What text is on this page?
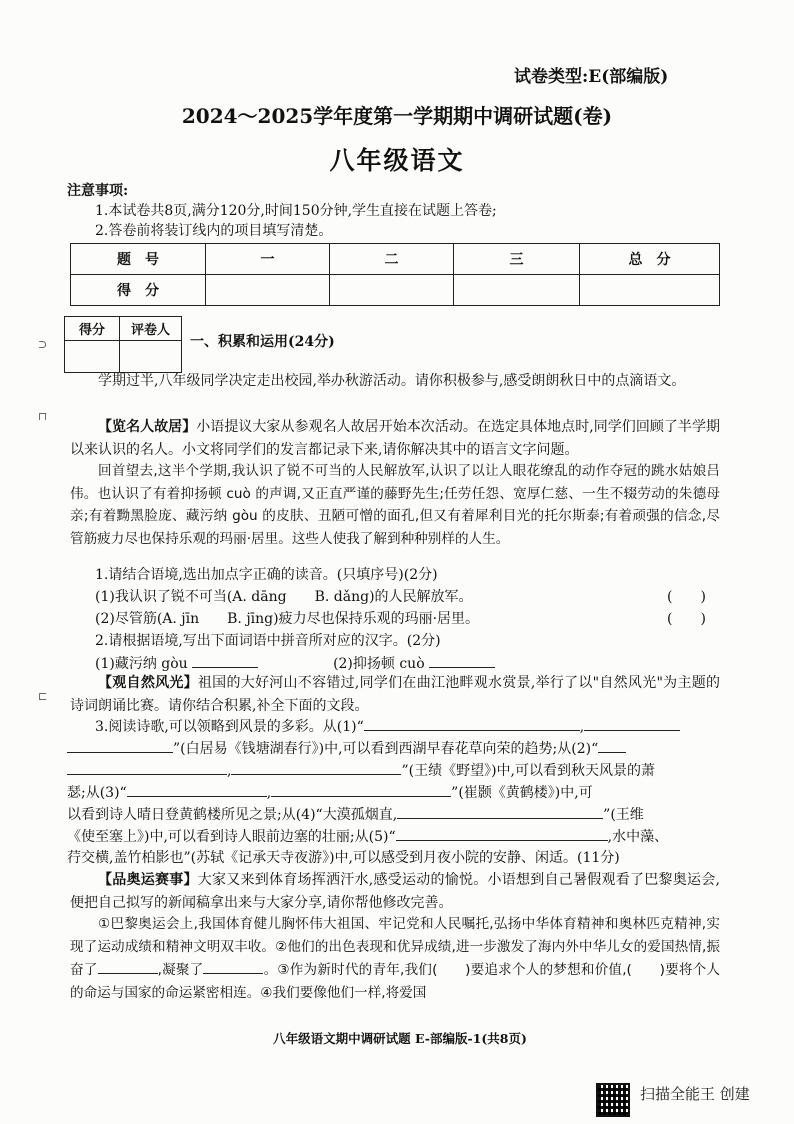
试卷类型:E(部编版)
2024～2025学年度第一学期期中调研试题(卷)
八年级语文
注意事项:
1.本试卷共8页,满分120分,时间150分钟,学生直接在试题上答卷;
2.答卷前将装订线内的项目填写清楚。
题　号	一	二	三	总　分
得　分				
得分	评卷人

一、积累和运用(24分)
学期过半,八年级同学决定走出校园,举办秋游活动。请你积极参与,感受朗朗秋日中的点滴语文。
【览名人故居】小语提议大家从参观名人故居开始本次活动。在选定具体地点时,同学们回顾了半学期以来认识的名人。小文将同学们的发言都记录下来,请你解决其中的语言文字问题。
回首望去,这半个学期,我认识了锐不可当的人民解放军,认识了以让人眼花缭乱的动作夺冠的跳水姑娘吕伟。也认识了有着抑扬顿 cuò 的声调,又正直严谨的藤野先生;任劳任怨、宽厚仁慈、一生不辍劳动的朱德母亲;有着黝黑脸庞、藏污纳 gòu 的皮肤、丑陋可憎的面孔,但又有着犀利目光的托尔斯泰;有着顽强的信念,尽管筋疲力尽也保持乐观的玛丽·居里。这些人使我了解到种种别样的人生。
1.请结合语境,选出加点字正确的读音。(只填序号)(2分)
(1)我认识了锐不可当(A. dāng　　B. dǎng)的人民解放军。	(　　)
(2)尽管筋(A. jīn　　B. jīng)疲力尽也保持乐观的玛丽·居里。	(　　)
2.请根据语境,写出下面词语中拼音所对应的汉字。(2分)
(1)藏污纳 gòu	(2)抑扬顿 cuò
【观自然风光】祖国的大好河山不容错过,同学们在曲江池畔观水赏景,举行了以"自然风光"为主题的诗词朗诵比赛。请你结合积累,补全下面的文段。
3.阅读诗歌,可以领略到风景的多彩。从(1)“	,
”(白居易《钱塘湖春行》)中,可以看到西湖早春花草向荣的趋势;从(2)“
,	”(王绩《野望》)中,可以看到秋天风景的萧
瑟;从(3)“	,	”(崔颢《黄鹤楼》)中,可
以看到诗人晴日登黄鹤楼所见之景;从(4)“大漠孤烟直,	”(王维
《使至塞上》)中,可以看到诗人眼前边塞的壮丽;从(5)“	,水中藻、
荇交横,盖竹柏影也”(苏轼《记承天寺夜游》)中,可以感受到月夜小院的安静、闲适。(11分)
【品奥运赛事】大家又来到体育场挥洒汗水,感受运动的愉悦。小语想到自己暑假观看了巴黎奥运会,便把自己拟写的新闻稿拿出来与大家分享,请你帮他修改完善。
①巴黎奥运会上,我国体育健儿胸怀伟大祖国、牢记党和人民嘱托,弘扬中华体育精神和奥林匹克精神,实现了运动成绩和精神文明双丰收。②他们的出色表现和优异成绩,进一步激发了海内外中华儿女的爱国热情,振奋了	,凝聚了	。③作为新时代的青年,我们(　　)要追求个人的梦想和价值,(　　)要将个人的命运与国家的命运紧密相连。④我们要像他们一样,将爱国
八年级语文期中调研试题 E-部编版-1(共8页)
扫描全能王 创建
⊃
⊓
⊏
